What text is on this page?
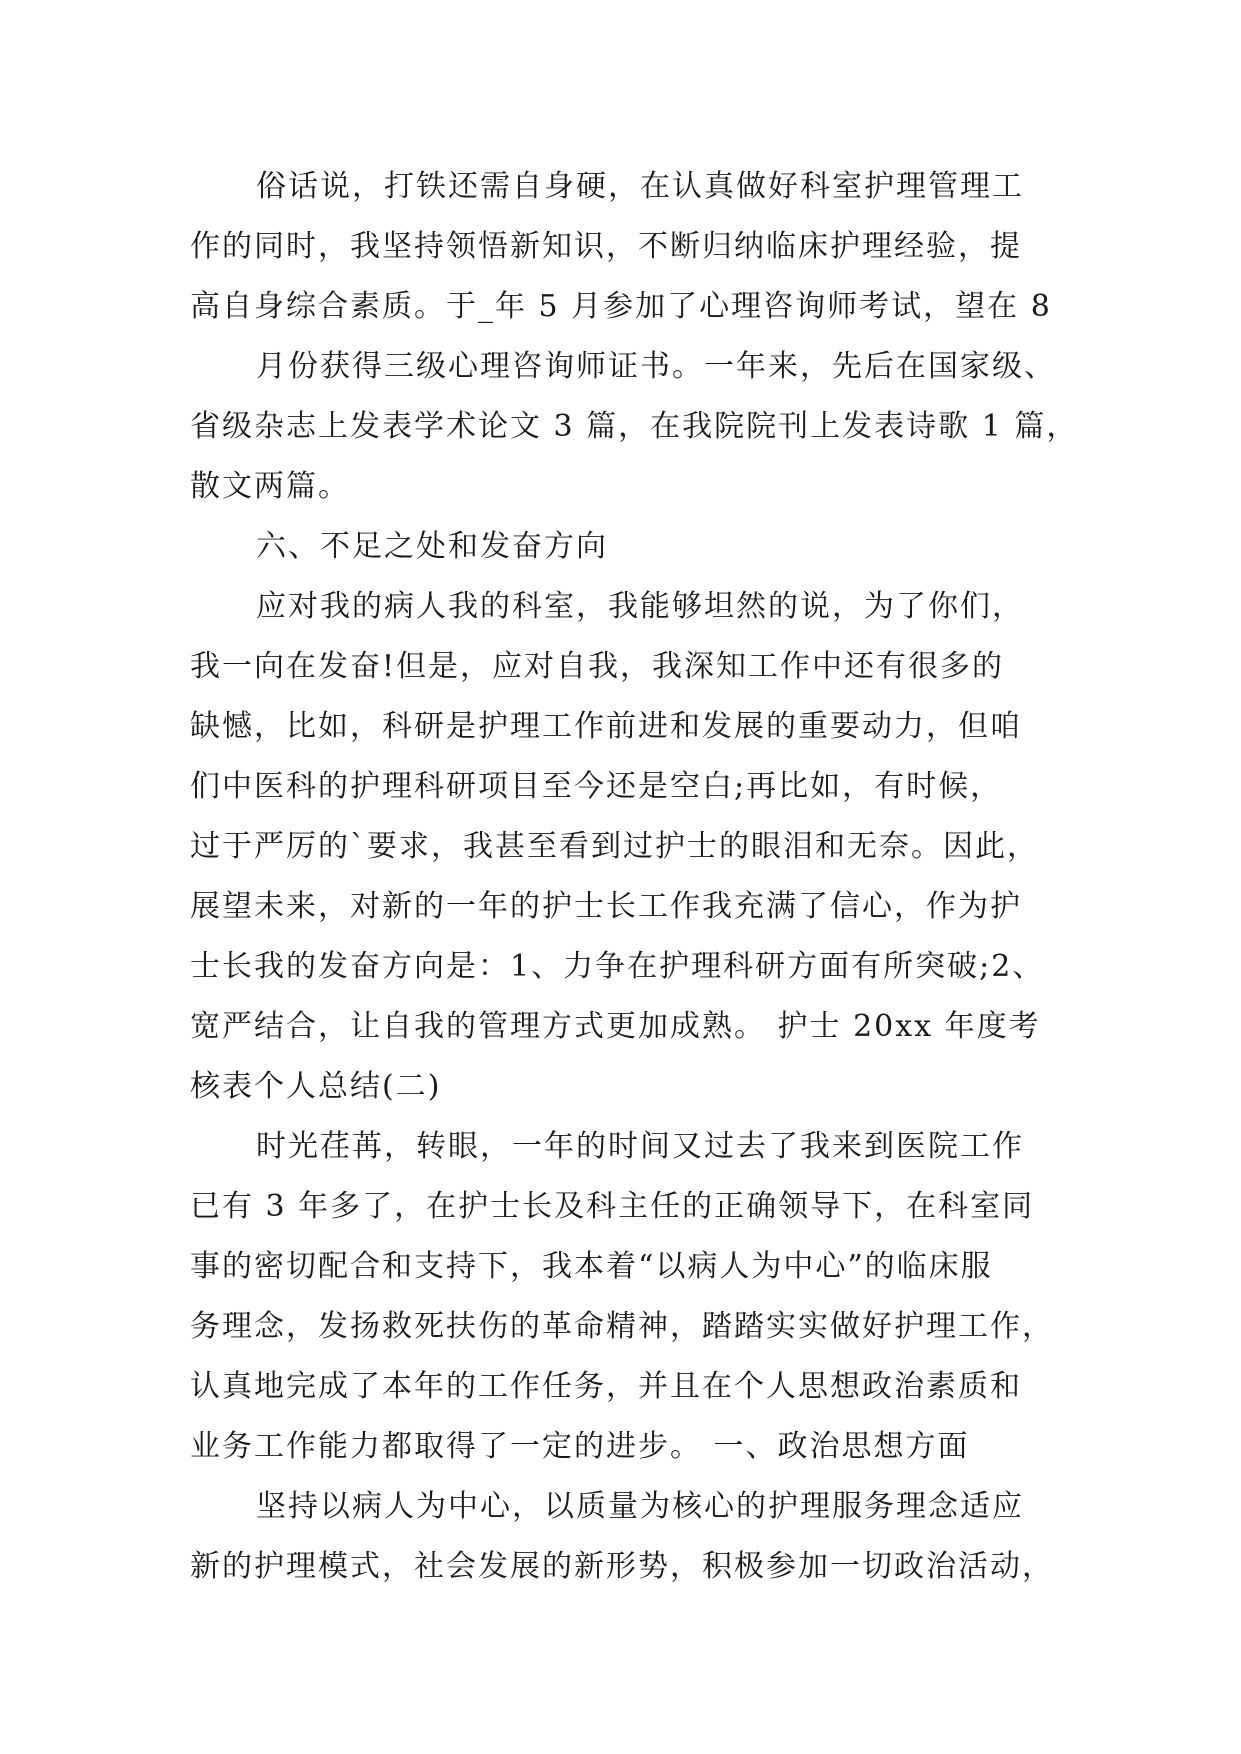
俗话说，打铁还需自身硬，在认真做好科室护理管理工
作的同时，我坚持领悟新知识，不断归纳临床护理经验，提
高自身综合素质。于_年 5 月参加了心理咨询师考试，望在 8
月份获得三级心理咨询师证书。一年来，先后在国家级、
省级杂志上发表学术论文 3 篇，在我院院刊上发表诗歌 1 篇，
散文两篇。
六、不足之处和发奋方向
应对我的病人我的科室，我能够坦然的说，为了你们，
我一向在发奋!但是，应对自我，我深知工作中还有很多的
缺憾，比如，科研是护理工作前进和发展的重要动力，但咱
们中医科的护理科研项目至今还是空白;再比如，有时候，
过于严厉的`要求，我甚至看到过护士的眼泪和无奈。因此，
展望未来，对新的一年的护士长工作我充满了信心，作为护
士长我的发奋方向是：1、力争在护理科研方面有所突破;2、
宽严结合，让自我的管理方式更加成熟。 护士 20xx 年度考
核表个人总结(二)
时光荏苒，转眼，一年的时间又过去了我来到医院工作
已有 3 年多了，在护士长及科主任的正确领导下，在科室同
事的密切配合和支持下，我本着“以病人为中心”的临床服
务理念，发扬救死扶伤的革命精神，踏踏实实做好护理工作，
认真地完成了本年的工作任务，并且在个人思想政治素质和
业务工作能力都取得了一定的进步。 一、政治思想方面
坚持以病人为中心，以质量为核心的护理服务理念适应
新的护理模式，社会发展的新形势，积极参加一切政治活动，
